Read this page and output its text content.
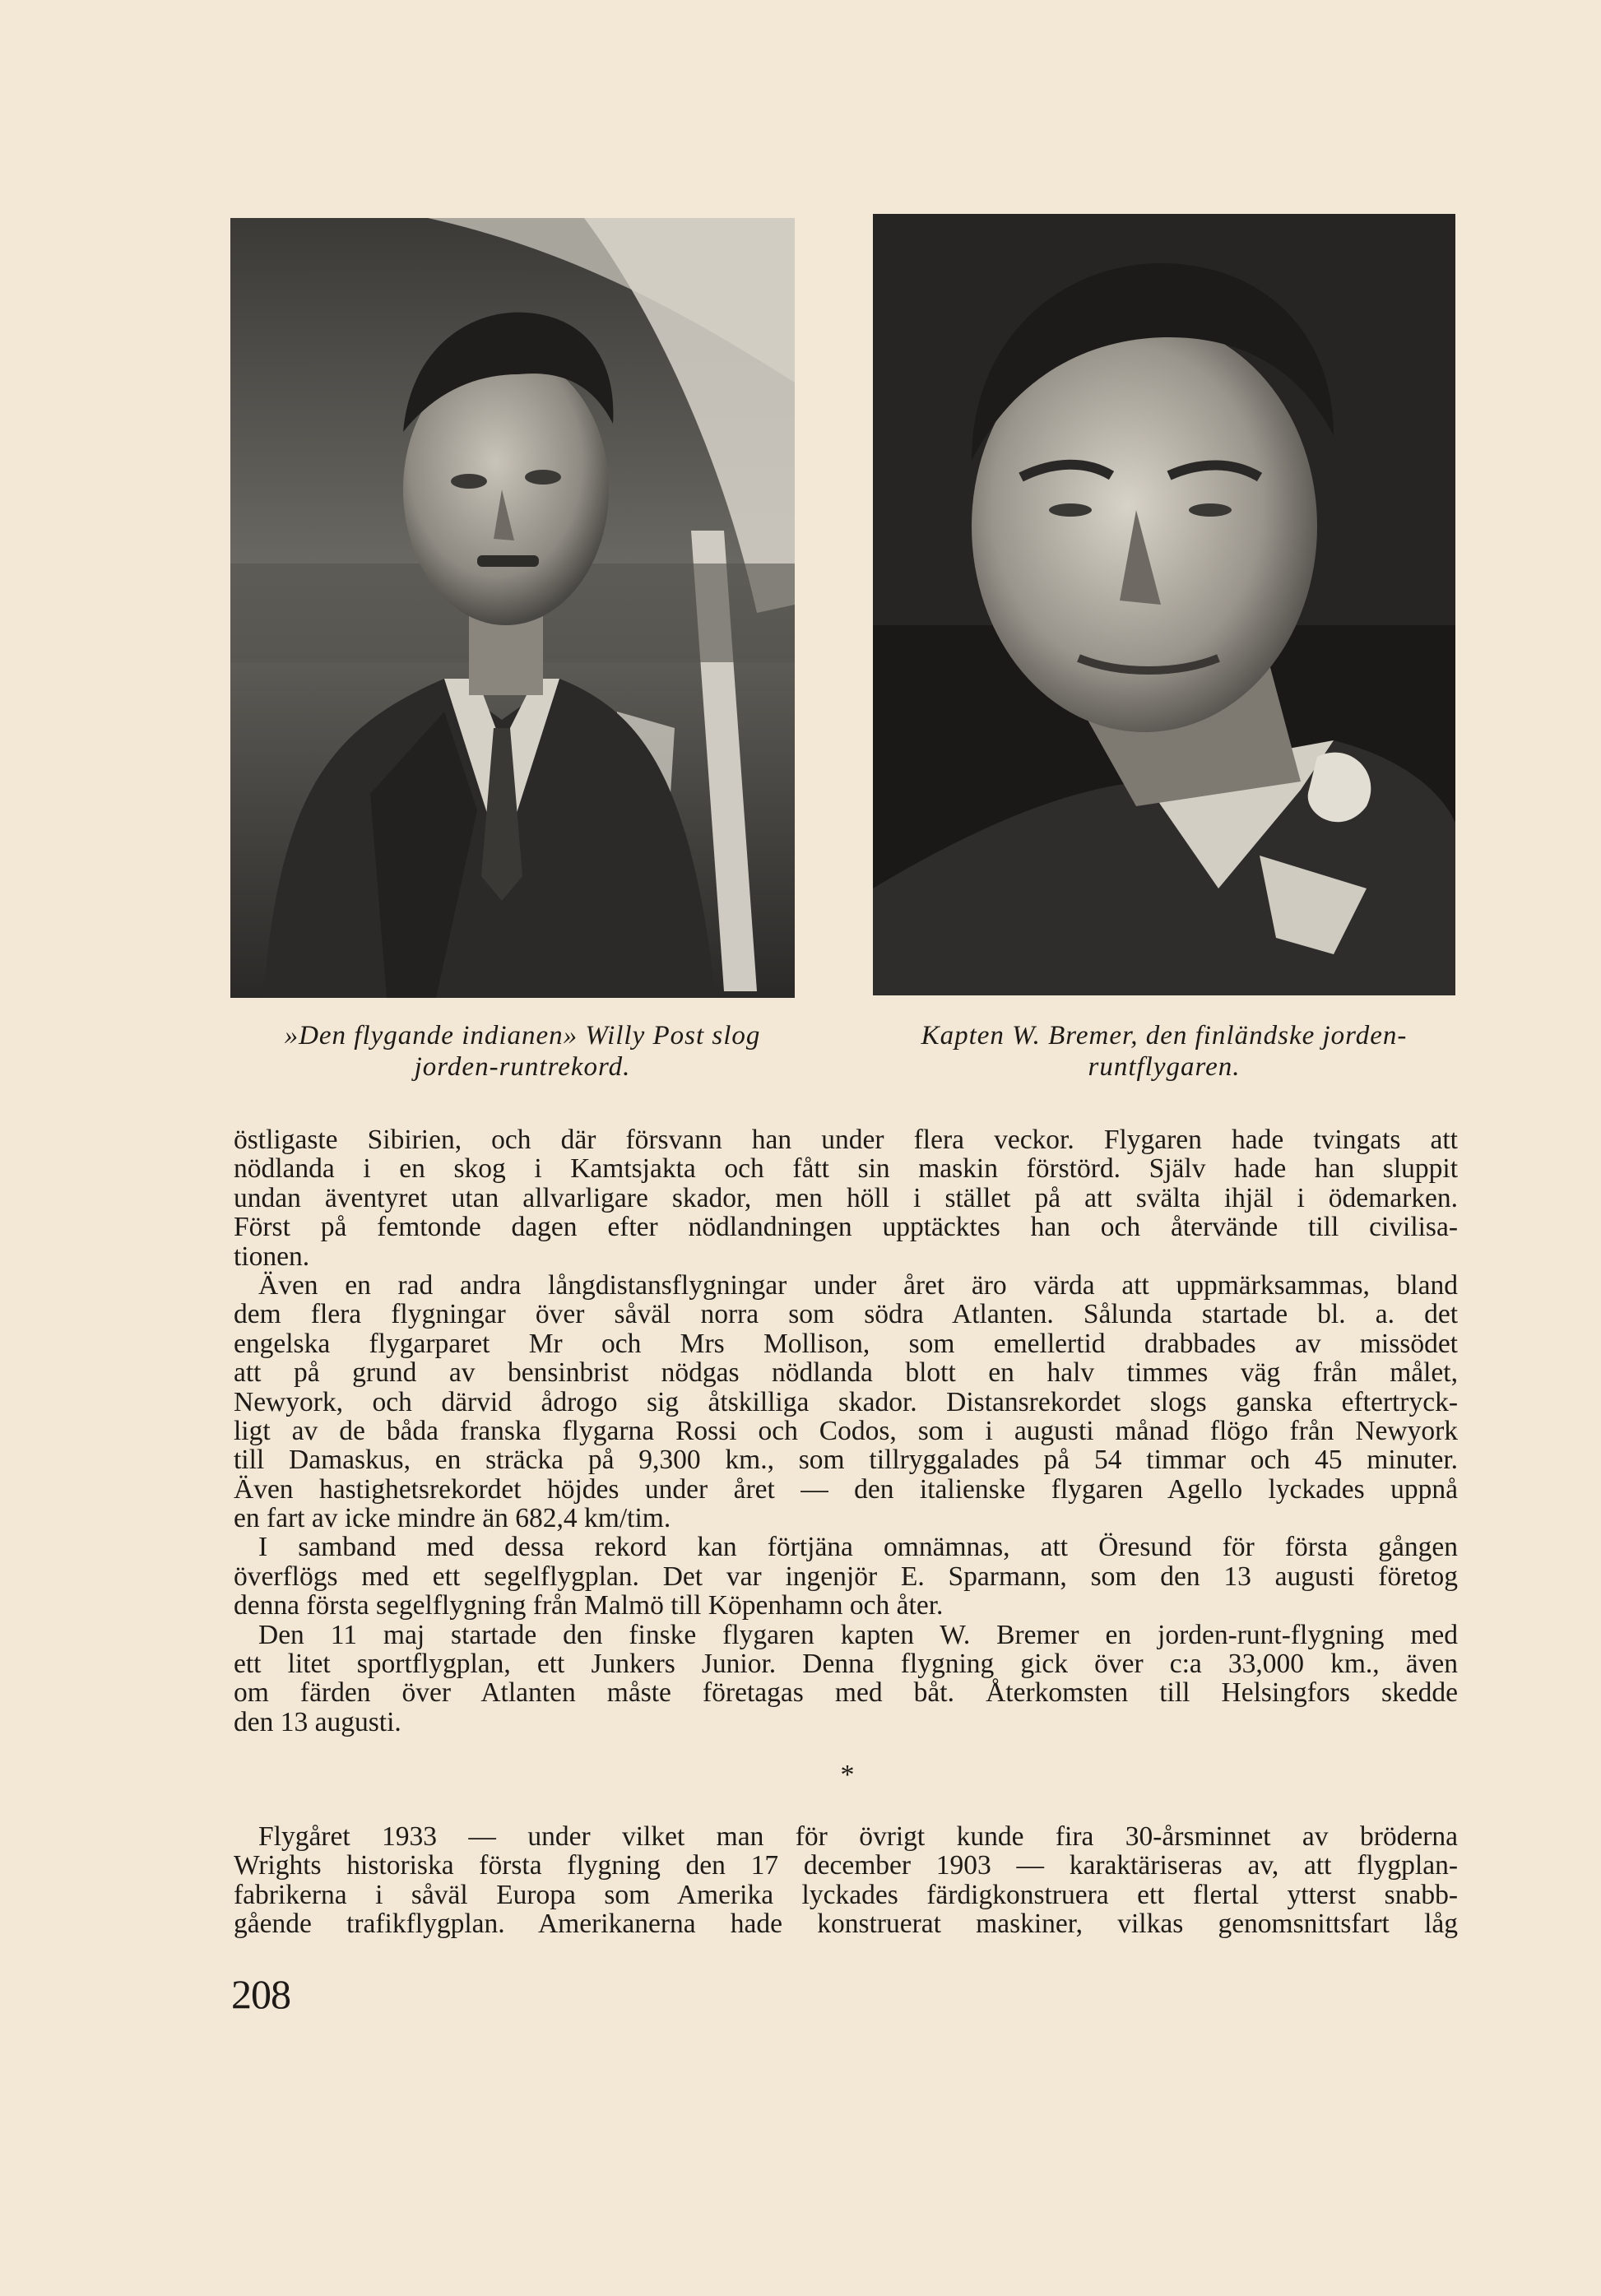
»Den flygande indianen» Willy Post slog
jorden-runtrekord.
Kapten W. Bremer, den finländske jorden-
runtflygaren.
östligaste Sibirien, och där försvann han under flera veckor. Flygaren hade tvingats att
nödlanda i en skog i Kamtsjakta och fått sin maskin förstörd. Själv hade han sluppit
undan äventyret utan allvarligare skador, men höll i stället på att svälta ihjäl i ödemarken.
Först på femtonde dagen efter nödlandningen upptäcktes han och återvände till civilisa-
tionen.
Även en rad andra långdistansflygningar under året äro värda att uppmärksammas, bland
dem flera flygningar över såväl norra som södra Atlanten. Sålunda startade bl. a. det
engelska flygarparet Mr och Mrs Mollison, som emellertid drabbades av missödet
att på grund av bensinbrist nödgas nödlanda blott en halv timmes väg från målet,
Newyork, och därvid ådrogo sig åtskilliga skador. Distansrekordet slogs ganska eftertryck-
ligt av de båda franska flygarna Rossi och Codos, som i augusti månad flögo från Newyork
till Damaskus, en sträcka på 9,300 km., som tillryggalades på 54 timmar och 45 minuter.
Även hastighetsrekordet höjdes under året — den italienske flygaren Agello lyckades uppnå
en fart av icke mindre än 682,4 km/tim.
I samband med dessa rekord kan förtjäna omnämnas, att Öresund för första gången
överflögs med ett segelflygplan. Det var ingenjör E. Sparmann, som den 13 augusti företog
denna första segelflygning från Malmö till Köpenhamn och åter.
Den 11 maj startade den finske flygaren kapten W. Bremer en jorden-runt-flygning med
ett litet sportflygplan, ett Junkers Junior. Denna flygning gick över c:a 33,000 km., även
om färden över Atlanten måste företagas med båt. Återkomsten till Helsingfors skedde
den 13 augusti.
*
Flygåret 1933 — under vilket man för övrigt kunde fira 30-årsminnet av bröderna
Wrights historiska första flygning den 17 december 1903 — karaktäriseras av, att flygplan-
fabrikerna i såväl Europa som Amerika lyckades färdigkonstruera ett flertal ytterst snabb-
gående trafikflygplan. Amerikanerna hade konstruerat maskiner, vilkas genomsnittsfart låg
208
